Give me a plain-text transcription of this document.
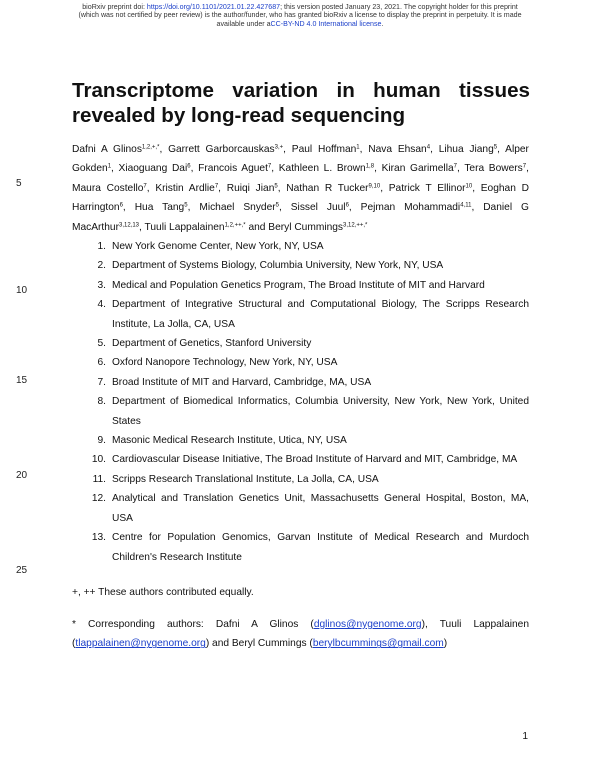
bioRxiv preprint doi: https://doi.org/10.1101/2021.01.22.427687; this version posted January 23, 2021. The copyright holder for this preprint
(which was not certified by peer review) is the author/funder, who has granted bioRxiv a license to display the preprint in perpetuity. It is made
available under aCC-BY-ND 4.0 International license.
Transcriptome variation in human tissues revealed by long-read sequencing
Dafni A Glinos$^{1,2,+,*}$, Garrett Garborcauskas$^{3,+}$, Paul Hoffman$^1$, Nava Ehsan$^4$, Lihua Jiang$^5$, Alper Gokden$^1$, Xiaoguang Dai$^6$, Francois Aguet$^7$, Kathleen L. Brown$^{1,8}$, Kiran Garimella$^7$, Tera Bowers$^7$, Maura Costello$^7$, Kristin Ardlie$^7$, Ruiqi Jian$^5$, Nathan R Tucker$^{9,10}$, Patrick T Ellinor$^{10}$, Eoghan D Harrington$^6$, Hua Tang$^5$, Michael Snyder$^5$, Sissel Juul$^6$, Pejman Mohammadi$^{4,11}$, Daniel G MacArthur$^{3,12,13}$, Tuuli Lappalainen$^{1,2,++,*}$ and Beryl Cummings$^{3,12,++,*}$
1. New York Genome Center, New York, NY, USA
2. Department of Systems Biology, Columbia University, New York, NY, USA
3. Medical and Population Genetics Program, The Broad Institute of MIT and Harvard
4. Department of Integrative Structural and Computational Biology, The Scripps Research Institute, La Jolla, CA, USA
5. Department of Genetics, Stanford University
6. Oxford Nanopore Technology, New York, NY, USA
7. Broad Institute of MIT and Harvard, Cambridge, MA, USA
8. Department of Biomedical Informatics, Columbia University, New York, New York, United States
9. Masonic Medical Research Institute, Utica, NY, USA
10. Cardiovascular Disease Initiative, The Broad Institute of Harvard and MIT, Cambridge, MA
11. Scripps Research Translational Institute, La Jolla, CA, USA
12. Analytical and Translation Genetics Unit, Massachusetts General Hospital, Boston, MA, USA
13. Centre for Population Genomics, Garvan Institute of Medical Research and Murdoch Children's Research Institute
+, ++ These authors contributed equally.
* Corresponding authors: Dafni A Glinos (dglinos@nygenome.org), Tuuli Lappalainen (tlappalainen@nygenome.org) and Beryl Cummings (berylbcummings@gmail.com)
5
10
15
20
25
1
